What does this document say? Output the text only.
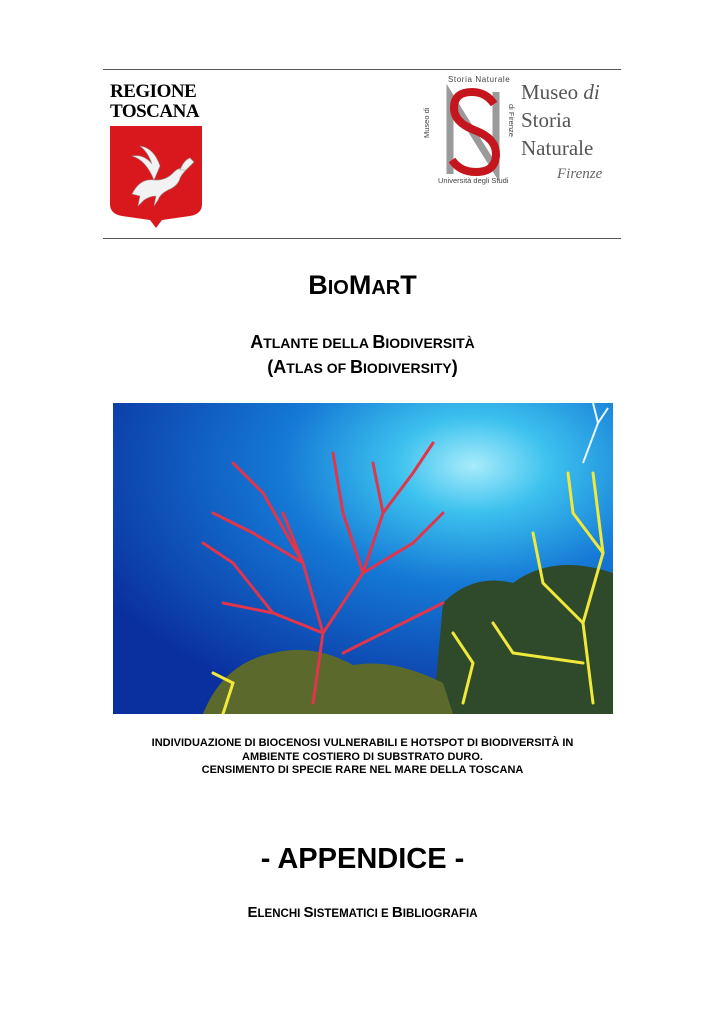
REGIONE
TOSCANA
Storia Naturale
Museo di	di Firenze
Università degli Studi
Museo di
Storia
Naturale
Firenze
BIOMART
ATLANTE DELLA BIODIVERSITÀ
(ATLAS OF BIODIVERSITY)
INDIVIDUAZIONE DI BIOCENOSI VULNERABILI E HOTSPOT DI BIODIVERSITÀ IN
AMBIENTE COSTIERO DI SUBSTRATO DURO.
CENSIMENTO DI SPECIE RARE NEL MARE DELLA TOSCANA
- APPENDICE -
ELENCHI SISTEMATICI E BIBLIOGRAFIA
